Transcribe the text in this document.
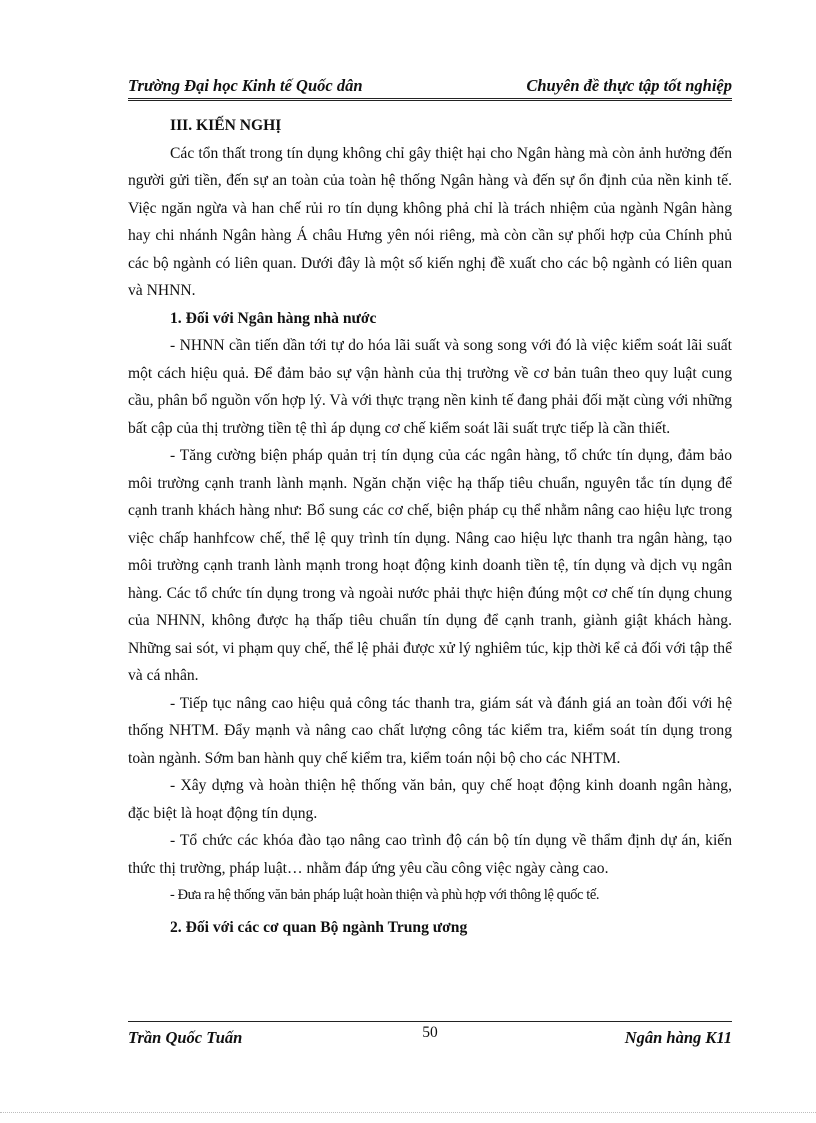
Trường Đại học Kinh tế Quốc dân	Chuyên đề thực tập tốt nghiệp

III. KIẾN NGHỊ

Các tổn thất trong tín dụng không chỉ gây thiệt hại cho Ngân hàng mà còn ảnh hưởng đến người gửi tiền, đến sự an toàn của toàn hệ thống Ngân hàng và đến sự ổn định của nền kinh tế. Việc ngăn ngừa và han chế rủi ro tín dụng không phả chỉ là trách nhiệm của ngành Ngân hàng hay chi nhánh Ngân hàng Á châu Hưng yên nói riêng, mà còn cần sự phối hợp của Chính phủ các bộ ngành có liên quan. Dưới đây là một số kiến nghị đề xuất cho các bộ ngành có liên quan và NHNN.

1. Đối với Ngân hàng nhà nước

- NHNN cần tiến dần tới tự do hóa lãi suất và song song với đó là việc kiểm soát lãi suất một cách hiệu quả. Để đảm bảo sự vận hành của thị trường về cơ bản tuân theo quy luật cung cầu, phân bổ nguồn vốn hợp lý. Và với thực trạng nền kinh tế đang phải đối mặt cùng với những bất cập của thị trường tiền tệ thì áp dụng cơ chế kiểm soát lãi suất trực tiếp là cần thiết.

- Tăng cường biện pháp quản trị tín dụng của các ngân hàng, tổ chức tín dụng, đảm bảo môi trường cạnh tranh lành mạnh. Ngăn chặn việc hạ thấp tiêu chuẩn, nguyên tắc tín dụng để cạnh tranh khách hàng như: Bổ sung các cơ chế, biện pháp cụ thể nhằm nâng cao hiệu lực trong việc chấp hanhfcow chế, thể lệ quy trình tín dụng. Nâng cao hiệu lực thanh tra ngân hàng, tạo môi trường cạnh tranh lành mạnh trong hoạt động kinh doanh tiền tệ, tín dụng và dịch vụ ngân hàng. Các tổ chức tín dụng trong và ngoài nước phải thực hiện đúng một cơ chế tín dụng chung của NHNN, không được hạ thấp tiêu chuẩn tín dụng để cạnh tranh, giành giật khách hàng. Những sai sót, vi phạm quy chế, thể lệ phải được xử lý nghiêm túc, kịp thời kể cả đối với tập thể và cá nhân.

- Tiếp tục nâng cao hiệu quả công tác thanh tra, giám sát và đánh giá an toàn đối với hệ thống NHTM. Đẩy mạnh và nâng cao chất lượng công tác kiểm tra, kiểm soát tín dụng trong toàn ngành. Sớm ban hành quy chế kiểm tra, kiểm toán nội bộ cho các NHTM.

- Xây dựng và hoàn thiện hệ thống văn bản, quy chế hoạt động kinh doanh ngân hàng, đặc biệt là hoạt động tín dụng.

- Tổ chức các khóa đào tạo nâng cao trình độ cán bộ tín dụng về thẩm định dự án, kiến thức thị trường, pháp luật… nhằm đáp ứng yêu cầu công việc ngày càng cao.

- Đưa ra hệ thống văn bản pháp luật hoàn thiện và phù hợp với thông lệ quốc tế.

2. Đối với các cơ quan Bộ ngành Trung ương

Trần Quốc Tuấn	50	Ngân hàng K11
